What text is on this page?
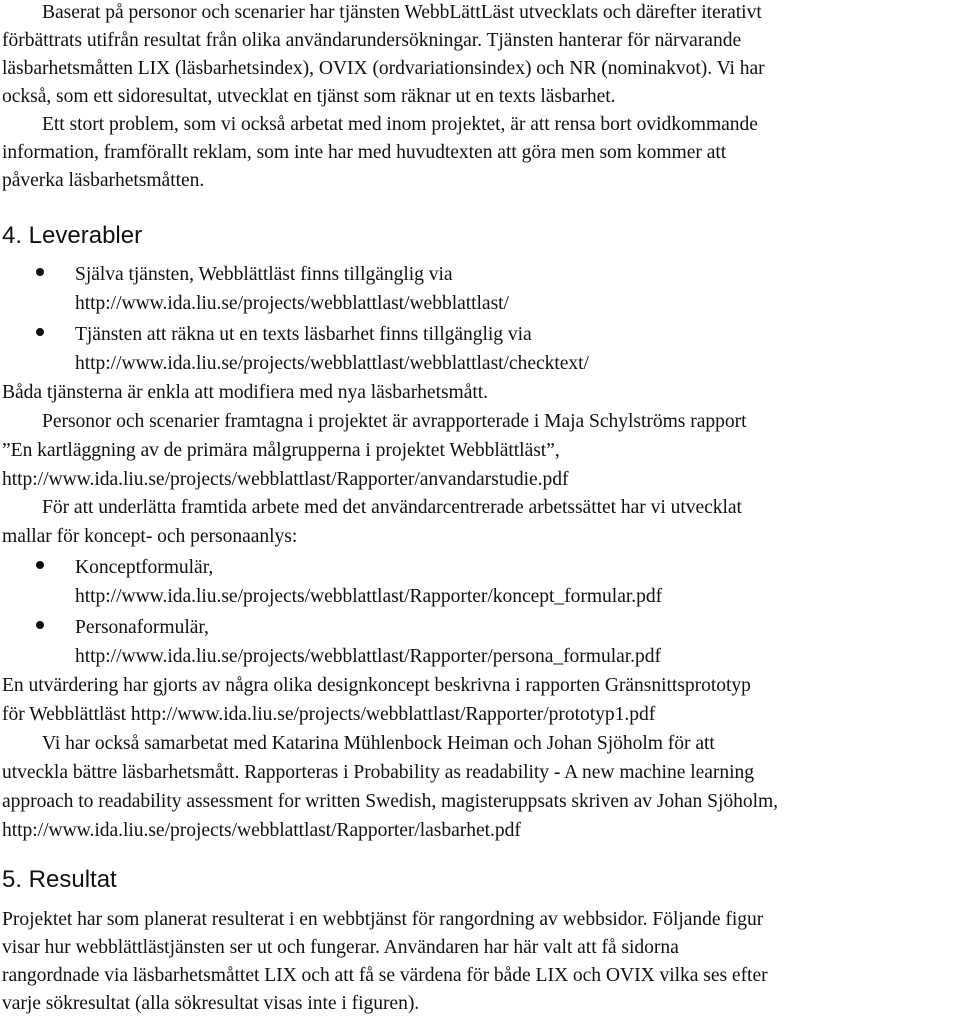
Baserat på personor och scenarier har tjänsten WebbLättLäst utvecklats och därefter iterativt
förbättrats utifrån resultat från olika användarundersökningar. Tjänsten hanterar för närvarande
läsbarhetsmåtten LIX (läsbarhetsindex), OVIX (ordvariationsindex) och NR (nominakvot). Vi har
också, som ett sidoresultat, utvecklat en tjänst som räknar ut en texts läsbarhet.
Ett stort problem, som vi också arbetat med inom projektet, är att rensa bort ovidkommande
information, framförallt reklam, som inte har med huvudtexten att göra men som kommer att
påverka läsbarhetsmåtten.
4. Leverabler
Själva tjänsten, Webblättläst finns tillgänglig via
http://www.ida.liu.se/projects/webblattlast/webblattlast/
Tjänsten att räkna ut en texts läsbarhet finns tillgänglig via
http://www.ida.liu.se/projects/webblattlast/webblattlast/checktext/
Båda tjänsterna är enkla att modifiera med nya läsbarhetsmått.
Personor och scenarier framtagna i projektet är avrapporterade i Maja Schylströms rapport
”En kartläggning av de primära målgrupperna i projektet Webblättläst”,
http://www.ida.liu.se/projects/webblattlast/Rapporter/anvandarstudie.pdf
För att underlätta framtida arbete med det användarcentrerade arbetssättet har vi utvecklat
mallar för koncept- och personaanlys:
Konceptformulär,
http://www.ida.liu.se/projects/webblattlast/Rapporter/koncept_formular.pdf
Personaformulär,
http://www.ida.liu.se/projects/webblattlast/Rapporter/persona_formular.pdf
En utvärdering har gjorts av några olika designkoncept beskrivna i rapporten Gränsnittsprototyp
för Webblättläst http://www.ida.liu.se/projects/webblattlast/Rapporter/prototyp1.pdf
Vi har också samarbetat med Katarina Mühlenbock Heiman och Johan Sjöholm för att
utveckla bättre läsbarhetsmått. Rapporteras i Probability as readability - A new machine learning
approach to readability assessment for written Swedish, magisteruppsats skriven av Johan Sjöholm,
http://www.ida.liu.se/projects/webblattlast/Rapporter/lasbarhet.pdf
5. Resultat
Projektet har som planerat resulterat i en webbtjänst för rangordning av webbsidor. Följande figur
visar hur webblättlästjänsten ser ut och fungerar. Användaren har här valt att få sidorna
rangordnade via läsbarhetsmåttet LIX och att få se värdena för både LIX och OVIX vilka ses efter
varje sökresultat (alla sökresultat visas inte i figuren).
